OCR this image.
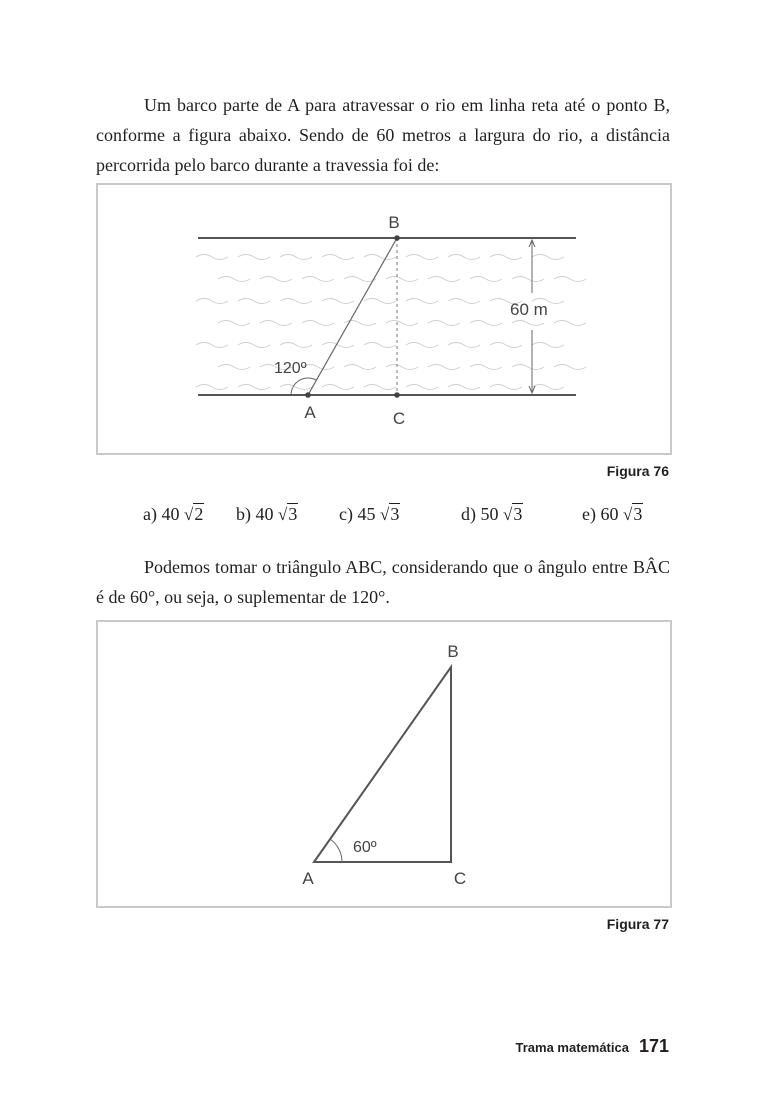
Um barco parte de A para atravessar o rio em linha reta até o ponto B, conforme a figura abaixo. Sendo de 60 metros a largura do rio, a distância percorrida pelo barco durante a travessia foi de:

B
A	C
120º
60 m
Figura 76
a) 40 √2 b) 40 √3 c) 45 √3	d) 50 √3	e) 60 √3

Podemos tomar o triângulo ABC, considerando que o ângulo entre BÂC é de 60°, ou seja, o suplementar de 120°.

B
A	C
60º
Figura 77
Trama matemática 171
